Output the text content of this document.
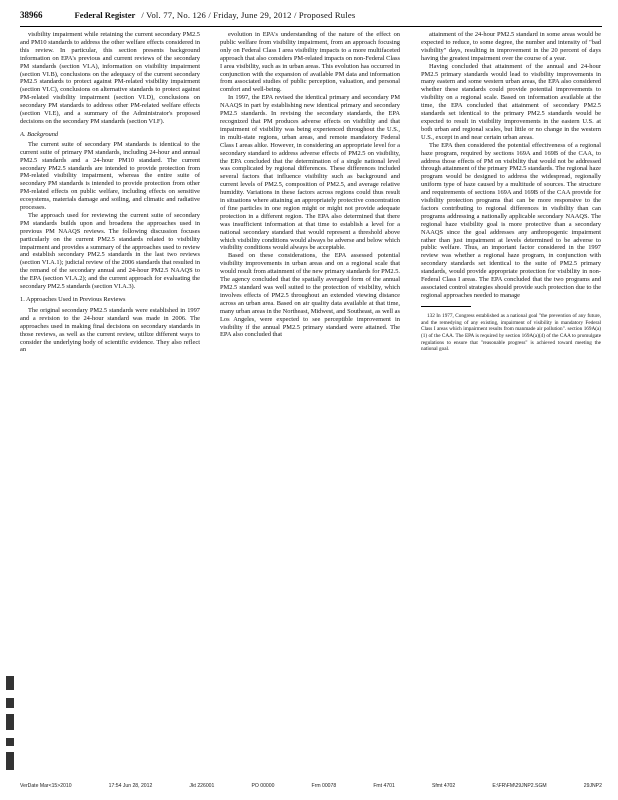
38966	Federal Register / Vol. 77, No. 126 / Friday, June 29, 2012 / Proposed Rules

visibility impairment while retaining the current secondary PM2.5 and PM10 standards to address the other welfare effects considered in this review. In particular, this section presents background information on EPA's previous and current reviews of the secondary PM standards (section VI.A), information on visibility impairment (section VI.B), conclusions on the adequacy of the current secondary PM2.5 standards to protect against PM-related visibility impairment (section VI.C), conclusions on alternative standards to protect against PM-related visibility impairment (section VI.D), conclusions on secondary PM standards to address other PM-related welfare effects (section VI.E), and a summary of the Administrator's proposed decisions on the secondary PM standards (section VI.F).

A. Background

The current suite of secondary PM standards is identical to the current suite of primary PM standards, including 24-hour and annual PM2.5 standards and a 24-hour PM10 standard. The current secondary PM2.5 standards are intended to provide protection from PM-related visibility impairment, whereas the entire suite of secondary PM standards is intended to provide protection from other PM-related effects on public welfare, including effects on sensitive ecosystems, materials damage and soiling, and climatic and radiative processes.

The approach used for reviewing the current suite of secondary PM standards builds upon and broadens the approaches used in previous PM NAAQS reviews. The following discussion focuses particularly on the current PM2.5 standards related to visibility impairment and provides a summary of the approaches used to review and establish secondary PM2.5 standards in the last two reviews (section VI.A.1); judicial review of the 2006 standards that resulted in the remand of the secondary annual and 24-hour PM2.5 NAAQS to the EPA (section VI.A.2); and the current approach for evaluating the secondary PM2.5 standards (section VI.A.3).

1. Approaches Used in Previous Reviews

The original secondary PM2.5 standards were established in 1997 and a revision to the 24-hour standard was made in 2006. The approaches used in making final decisions on secondary standards in those reviews, as well as the current review, utilize different ways to consider the underlying body of scientific evidence. They also reflect an

evolution in EPA's understanding of the nature of the effect on public welfare from visibility impairment, from an approach focusing only on Federal Class I area visibility impacts to a more multifaceted approach that also considers PM-related impacts on non-Federal Class I area visibility, such as in urban areas. This evolution has occurred in conjunction with the expansion of available PM data and information from associated studies of public perception, valuation, and personal comfort and well-being.

In 1997, the EPA revised the identical primary and secondary PM NAAQS in part by establishing new identical primary and secondary PM2.5 standards. In revising the secondary standards, the EPA recognized that PM produces adverse effects on visibility and that impairment of visibility was being experienced throughout the U.S., in multi-state regions, urban areas, and remote mandatory Federal Class I areas alike. However, in considering an appropriate level for a secondary standard to address adverse effects of PM2.5 on visibility, the EPA concluded that the determination of a single national level was complicated by regional differences. These differences included several factors that influence visibility such as background and current levels of PM2.5, composition of PM2.5, and average relative humidity. Variations in these factors across regions could thus result in situations where attaining an appropriately protective concentration of fine particles in one region might or might not provide adequate protection in a different region. The EPA also determined that there was insufficient information at that time to establish a level for a national secondary standard that would represent a threshold above which visibility conditions would always be adverse and below which visibility conditions would always be acceptable.

Based on these considerations, the EPA assessed potential visibility improvements in urban areas and on a regional scale that would result from attainment of the new primary standards for PM2.5. The agency concluded that the spatially averaged form of the annual PM2.5 standard was well suited to the protection of visibility, which involves effects of PM2.5 throughout an extended viewing distance across an urban area. Based on air quality data available at that time, many urban areas in the Northeast, Midwest, and Southeast, as well as Los Angeles, were expected to see perceptible improvement in visibility if the annual PM2.5 primary standard were attained. The EPA also concluded that

attainment of the 24-hour PM2.5 standard in some areas would be expected to reduce, to some degree, the number and intensity of "bad visibility" days, resulting in improvement in the 20 percent of days having the greatest impairment over the course of a year.

Having concluded that attainment of the annual and 24-hour PM2.5 primary standards would lead to visibility improvements in many eastern and some western urban areas, the EPA also considered whether these standards could provide potential improvements to visibility on a regional scale. Based on information available at the time, the EPA concluded that attainment of secondary PM2.5 standards set identical to the primary PM2.5 standards would be expected to result in visibility improvements in the eastern U.S. at both urban and regional scales, but little or no change in the western U.S., except in and near certain urban areas.

The EPA then considered the potential effectiveness of a regional haze program, required by sections 169A and 169B of the CAA, to address those effects of PM on visibility that would not be addressed through attainment of the primary PM2.5 standards. The regional haze program would be designed to address the widespread, regionally uniform type of haze caused by a multitude of sources. The structure and requirements of sections 169A and 169B of the CAA provide for visibility protection programs that can be more responsive to the factors contributing to regional differences in visibility than can programs addressing a nationally applicable secondary NAAQS. The regional haze visibility goal is more protective than a secondary NAAQS since the goal addresses any anthropogenic impairment rather than just impairment at levels determined to be adverse to public welfare. Thus, an important factor considered in the 1997 review was whether a regional haze program, in conjunction with secondary standards set identical to the suite of PM2.5 primary standards, would provide appropriate protection for visibility in non-Federal Class I areas. The EPA concluded that the two programs and associated control strategies should provide such protection due to the regional approaches needed to manage

132 In 1977, Congress established as a national goal "the prevention of any future, and the remedying of any existing, impairment of visibility in mandatory Federal Class I areas which impairment results from manmade air pollution". section 169A(a)(1) of the CAA. The EPA is required by section 169A(a)(4) of the CAA to promulgate regulations to ensure that "reasonable progress" is achieved toward meeting the national goal.

VerDate Mar<15>2010	17:54 Jun 28, 2012	Jkt 226001	PO 00000	Frm 00078	Fmt 4701	Sfmt 4702	E:\FR\FM\29JNP2.SGM	29JNP2
